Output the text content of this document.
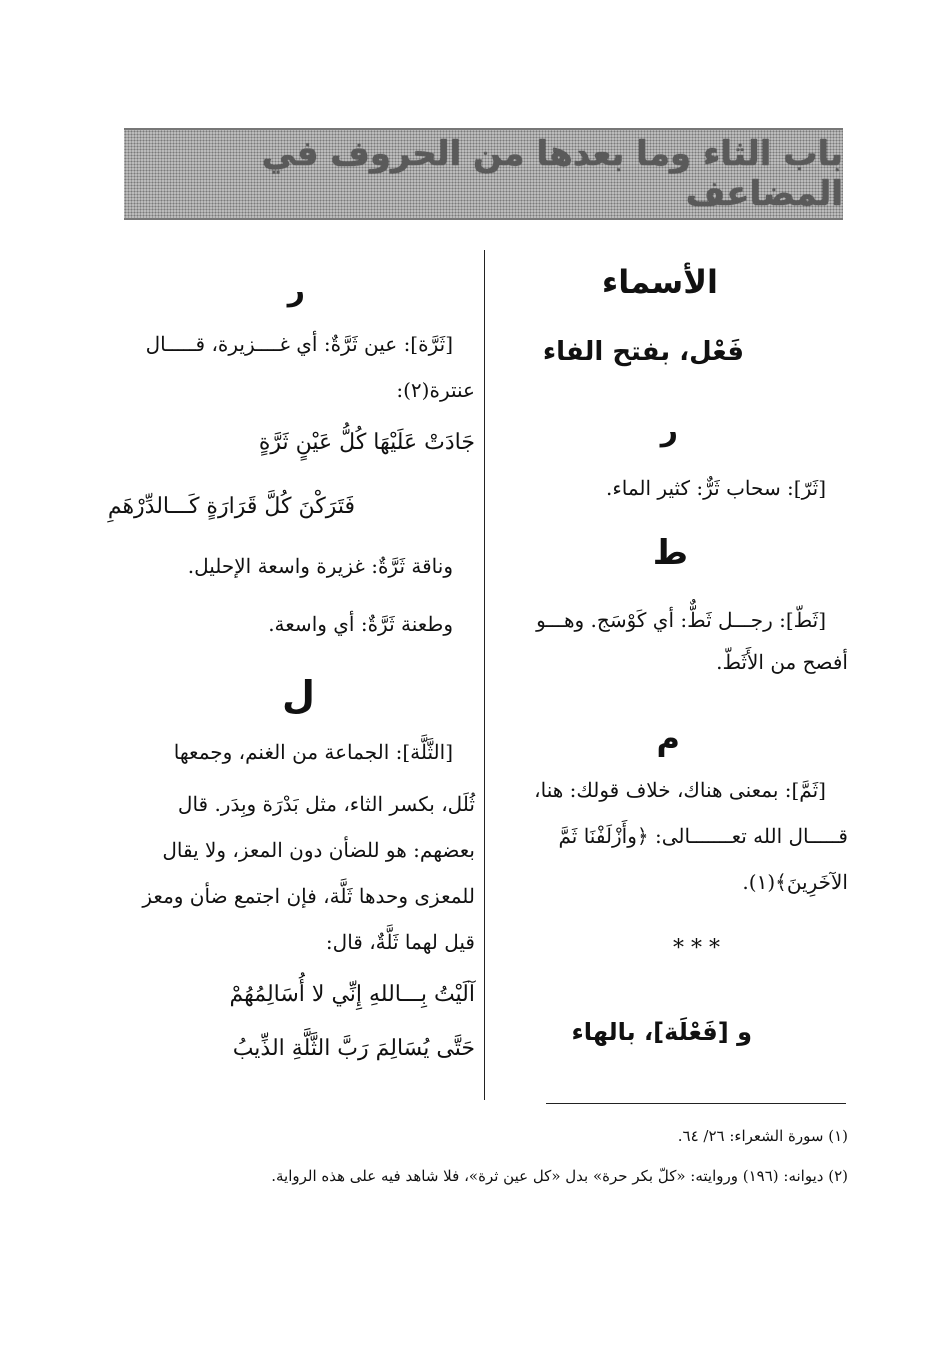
باب الثاء وما بعدها من الحروف في المضاعف

الأسماء

فَعْل، بفتح الفاء

ر

[ثَرّ]: سحاب ثَرٌّ: كثير الماء.

ط

[ثَطّ]: رجـــل ثَطٌّ: أي كَوْسَج. وهـــو

أفصح من الأَثَطّ.

م

[ثَمَّ]: بمعنى هناك، خلاف قولك: هنا،

قـــــال الله تعـــــــالى: ﴿وأَزْلَفْنَا ثَمَّ

الآخَرِينَ﴾(١).

* * *

و [فَعْلَة]، بالهاء

ر

[ثَرَّة]: عين ثَرَّةٌ: أي غــــزيرة، قـــــال

عنترة(٢):

جَادَتْ عَلَيْهَا كُلُّ عَيْنٍ ثَرَّةٍ

فَتَرَكْنَ كُلَّ قَرَارَةٍ كَـــالدِّرْهَمِ

وناقة ثَرَّةٌ: غزيرة واسعة الإحليل.

وطعنة ثَرَّةٌ: أي واسعة.

ل

[الثَّلَّة]: الجماعة من الغنم، وجمعها

ثُلَل، بكسر الثاء، مثل بَدْرَة وبِدَر. قال

بعضهم: هو للضأن دون المعز، ولا يقال

للمعزى وحدها ثَلَّة، فإن اجتمع ضأن ومعز

قيل لهما ثَلَّةٌ، قال:

آلَيْتُ بِـــاللهِ إِنِّي لا أُسَالِمُهُمْ

حَتَّى يُسَالِمَ رَبَّ الثَّلَّةِ الذِّيبُ

(١) سورة الشعراء: ٢٦/ ٦٤.

(٢) ديوانه: (١٩٦) وروايته: «كلّ بكر حرة» بدل «كل عين ثرة»، فلا شاهد فيه على هذه الرواية.
